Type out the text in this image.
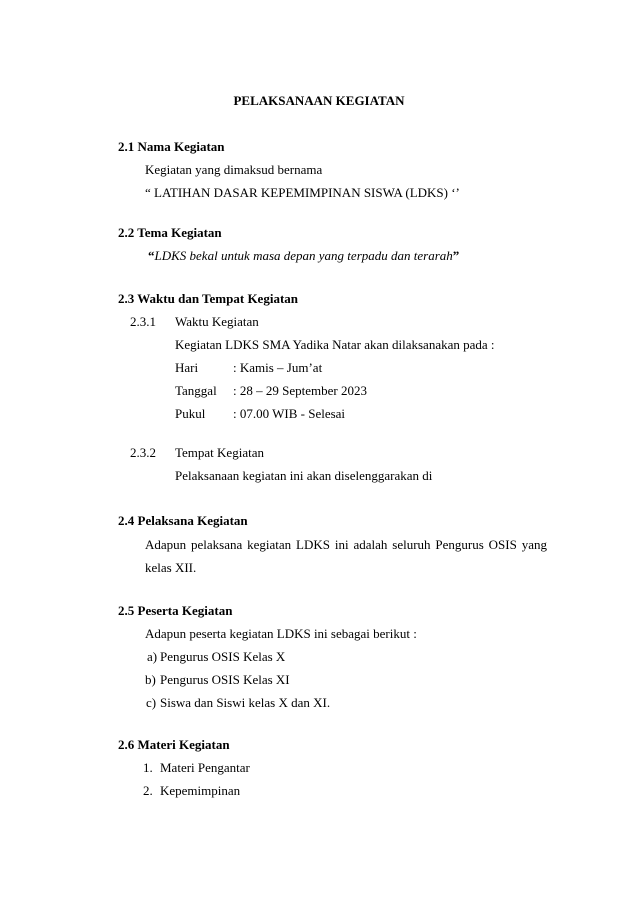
PELAKSANAAN KEGIATAN
2.1 Nama Kegiatan
Kegiatan yang dimaksud bernama
“ LATIHAN DASAR KEPEMIMPINAN SISWA (LDKS) ‘’
2.2 Tema Kegiatan
“LDKS bekal untuk masa depan yang terpadu dan terarah”
2.3 Waktu dan Tempat Kegiatan
2.3.1 Waktu Kegiatan
Kegiatan LDKS SMA Yadika Natar akan dilaksanakan pada :
Hari	: Kamis – Jum’at
Tanggal : 28 – 29 September 2023
Pukul : 07.00 WIB - Selesai
2.3.2 Tempat Kegiatan
Pelaksanaan kegiatan ini akan diselenggarakan di
2.4 Pelaksana Kegiatan
Adapun pelaksana kegiatan LDKS ini adalah seluruh Pengurus OSIS yang
kelas XII.
2.5 Peserta Kegiatan
Adapun peserta kegiatan LDKS ini sebagai berikut :
a) Pengurus OSIS Kelas X
b) Pengurus OSIS Kelas XI
c) Siswa dan Siswi kelas X dan XI.
2.6 Materi Kegiatan
1. Materi Pengantar
2. Kepemimpinan
